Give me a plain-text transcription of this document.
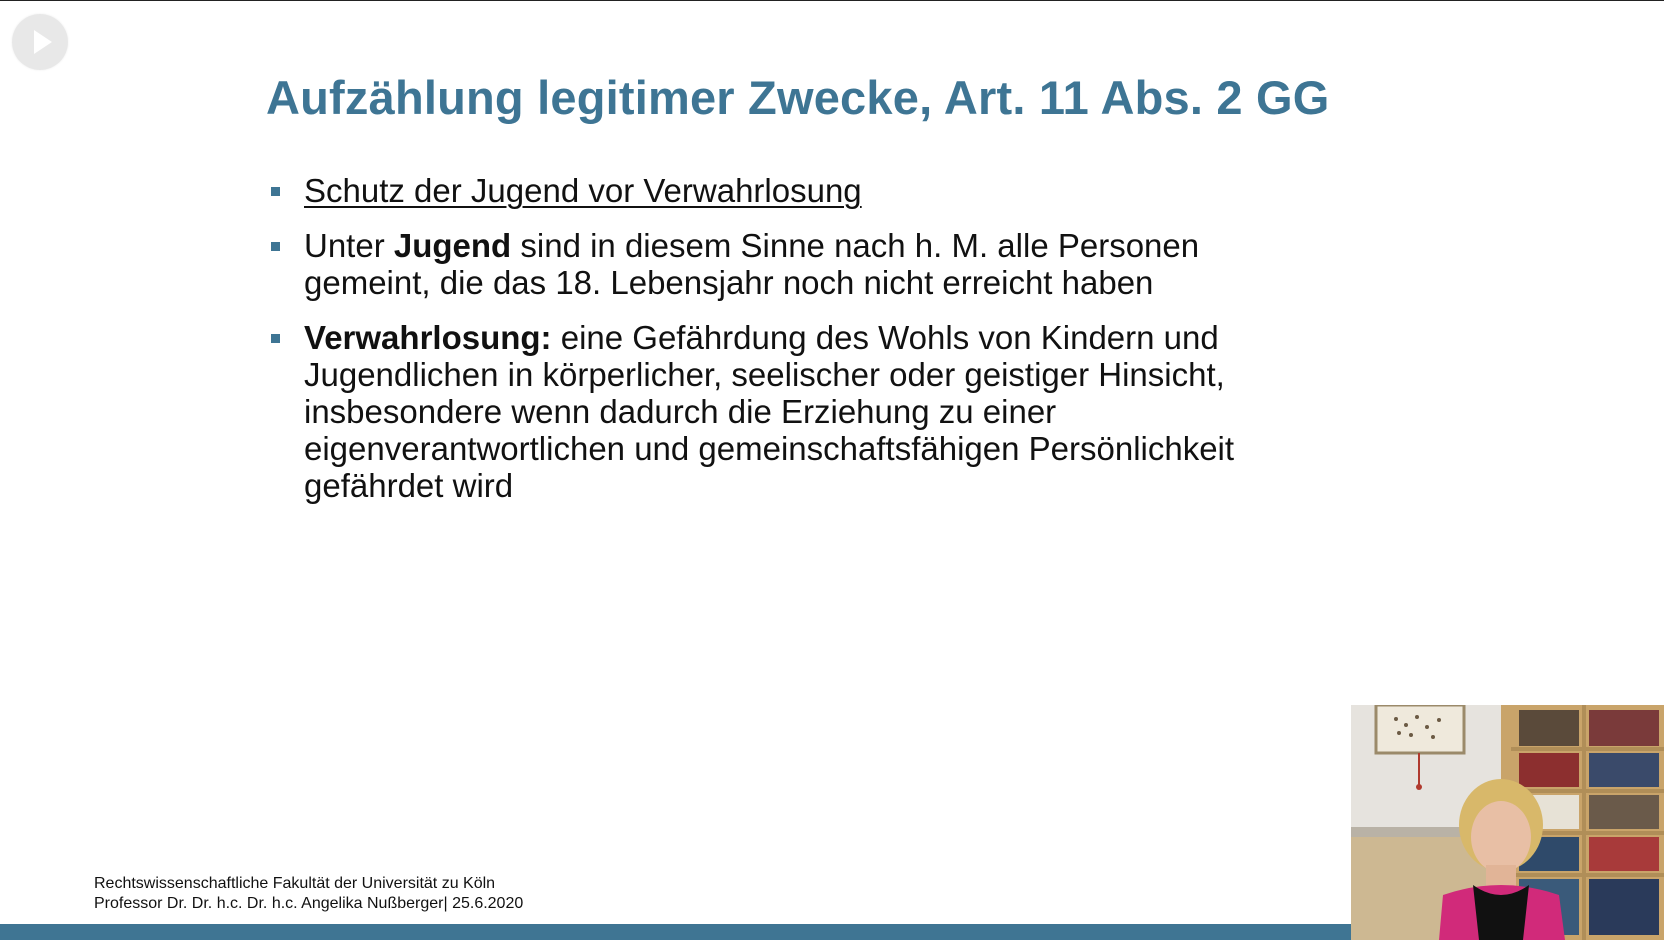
Aufzählung legitimer Zwecke, Art. 11 Abs. 2 GG
Schutz der Jugend vor Verwahrlosung
Unter Jugend sind in diesem Sinne nach h. M. alle Personen gemeint, die das 18. Lebensjahr noch nicht erreicht haben
Verwahrlosung: eine Gefährdung des Wohls von Kindern und Jugendlichen in körperlicher, seelischer oder geistiger Hinsicht, insbesondere wenn dadurch die Erziehung zu einer eigenverantwortlichen und gemeinschaftsfähigen Persönlichkeit gefährdet wird
Rechtswissenschaftliche Fakultät der Universität zu Köln
Professor Dr. Dr. h.c. Dr. h.c. Angelika Nußberger| 25.6.2020
